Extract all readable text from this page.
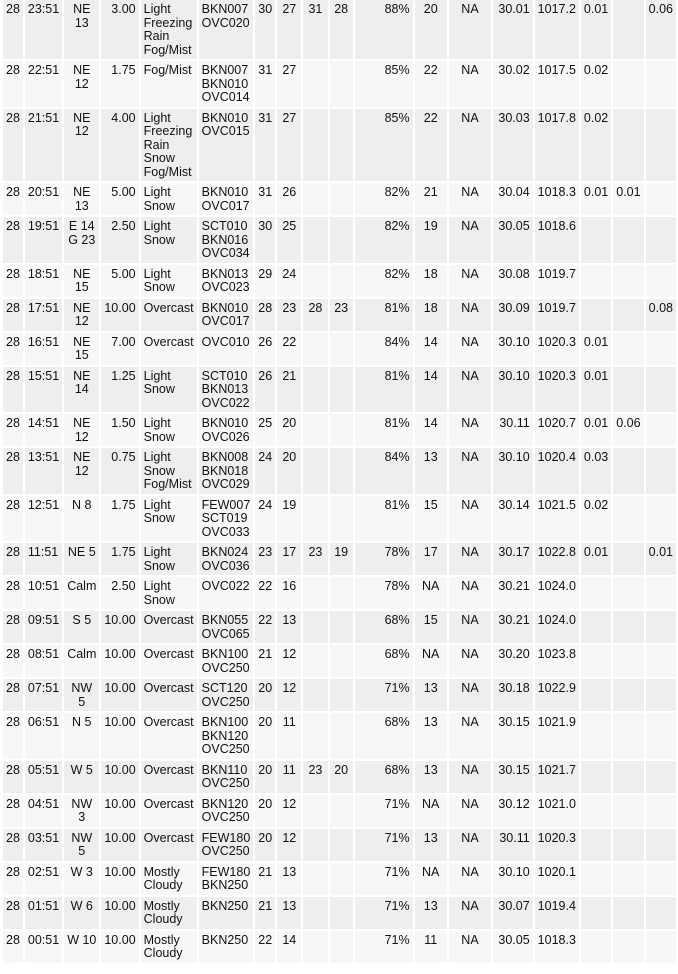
28	23:51	NE 13	3.00	Light Freezing Rain Fog/Mist	BKN007 OVC020	30	27	31	28	88%	20	NA	30.01	1017.2	0.01		0.06
28	22:51	NE 12	1.75	Fog/Mist	BKN007 BKN010 OVC014	31	27			85%	22	NA	30.02	1017.5	0.02		
28	21:51	NE 12	4.00	Light Freezing Rain Snow Fog/Mist	BKN010 OVC015	31	27			85%	22	NA	30.03	1017.8	0.02		
28	20:51	NE 13	5.00	Light Snow	BKN010 OVC017	31	26			82%	21	NA	30.04	1018.3	0.01	0.01	
28	19:51	E 14 G 23	2.50	Light Snow	SCT010 BKN016 OVC034	30	25			82%	19	NA	30.05	1018.6			
28	18:51	NE 15	5.00	Light Snow	BKN013 OVC023	29	24			82%	18	NA	30.08	1019.7			
28	17:51	NE 12	10.00	Overcast	BKN010 OVC017	28	23	28	23	81%	18	NA	30.09	1019.7			0.08
28	16:51	NE 15	7.00	Overcast	OVC010	26	22			84%	14	NA	30.10	1020.3	0.01		
28	15:51	NE 14	1.25	Light Snow	SCT010 BKN013 OVC022	26	21			81%	14	NA	30.10	1020.3	0.01		
28	14:51	NE 12	1.50	Light Snow	BKN010 OVC026	25	20			81%	14	NA	30.11	1020.7	0.01	0.06	
28	13:51	NE 12	0.75	Light Snow Fog/Mist	BKN008 BKN018 OVC029	24	20			84%	13	NA	30.10	1020.4	0.03		
28	12:51	N 8	1.75	Light Snow	FEW007 SCT019 OVC033	24	19			81%	15	NA	30.14	1021.5	0.02		
28	11:51	NE 5	1.75	Light Snow	BKN024 OVC036	23	17	23	19	78%	17	NA	30.17	1022.8	0.01		0.01
28	10:51	Calm	2.50	Light Snow	OVC022	22	16			78%	NA	NA	30.21	1024.0			
28	09:51	S 5	10.00	Overcast	BKN055 OVC065	22	13			68%	15	NA	30.21	1024.0			
28	08:51	Calm	10.00	Overcast	BKN100 OVC250	21	12			68%	NA	NA	30.20	1023.8			
28	07:51	NW 5	10.00	Overcast	SCT120 OVC250	20	12			71%	13	NA	30.18	1022.9			
28	06:51	N 5	10.00	Overcast	BKN100 BKN120 OVC250	20	11			68%	13	NA	30.15	1021.9			
28	05:51	W 5	10.00	Overcast	BKN110 OVC250	20	11	23	20	68%	13	NA	30.15	1021.7			
28	04:51	NW 3	10.00	Overcast	BKN120 OVC250	20	12			71%	NA	NA	30.12	1021.0			
28	03:51	NW 5	10.00	Overcast	FEW180 OVC250	20	12			71%	13	NA	30.11	1020.3			
28	02:51	W 3	10.00	Mostly Cloudy	FEW180 BKN250	21	13			71%	NA	NA	30.10	1020.1			
28	01:51	W 6	10.00	Mostly Cloudy	BKN250	21	13			71%	13	NA	30.07	1019.4			
28	00:51	W 10	10.00	Mostly Cloudy	BKN250	22	14			71%	11	NA	30.05	1018.3			
